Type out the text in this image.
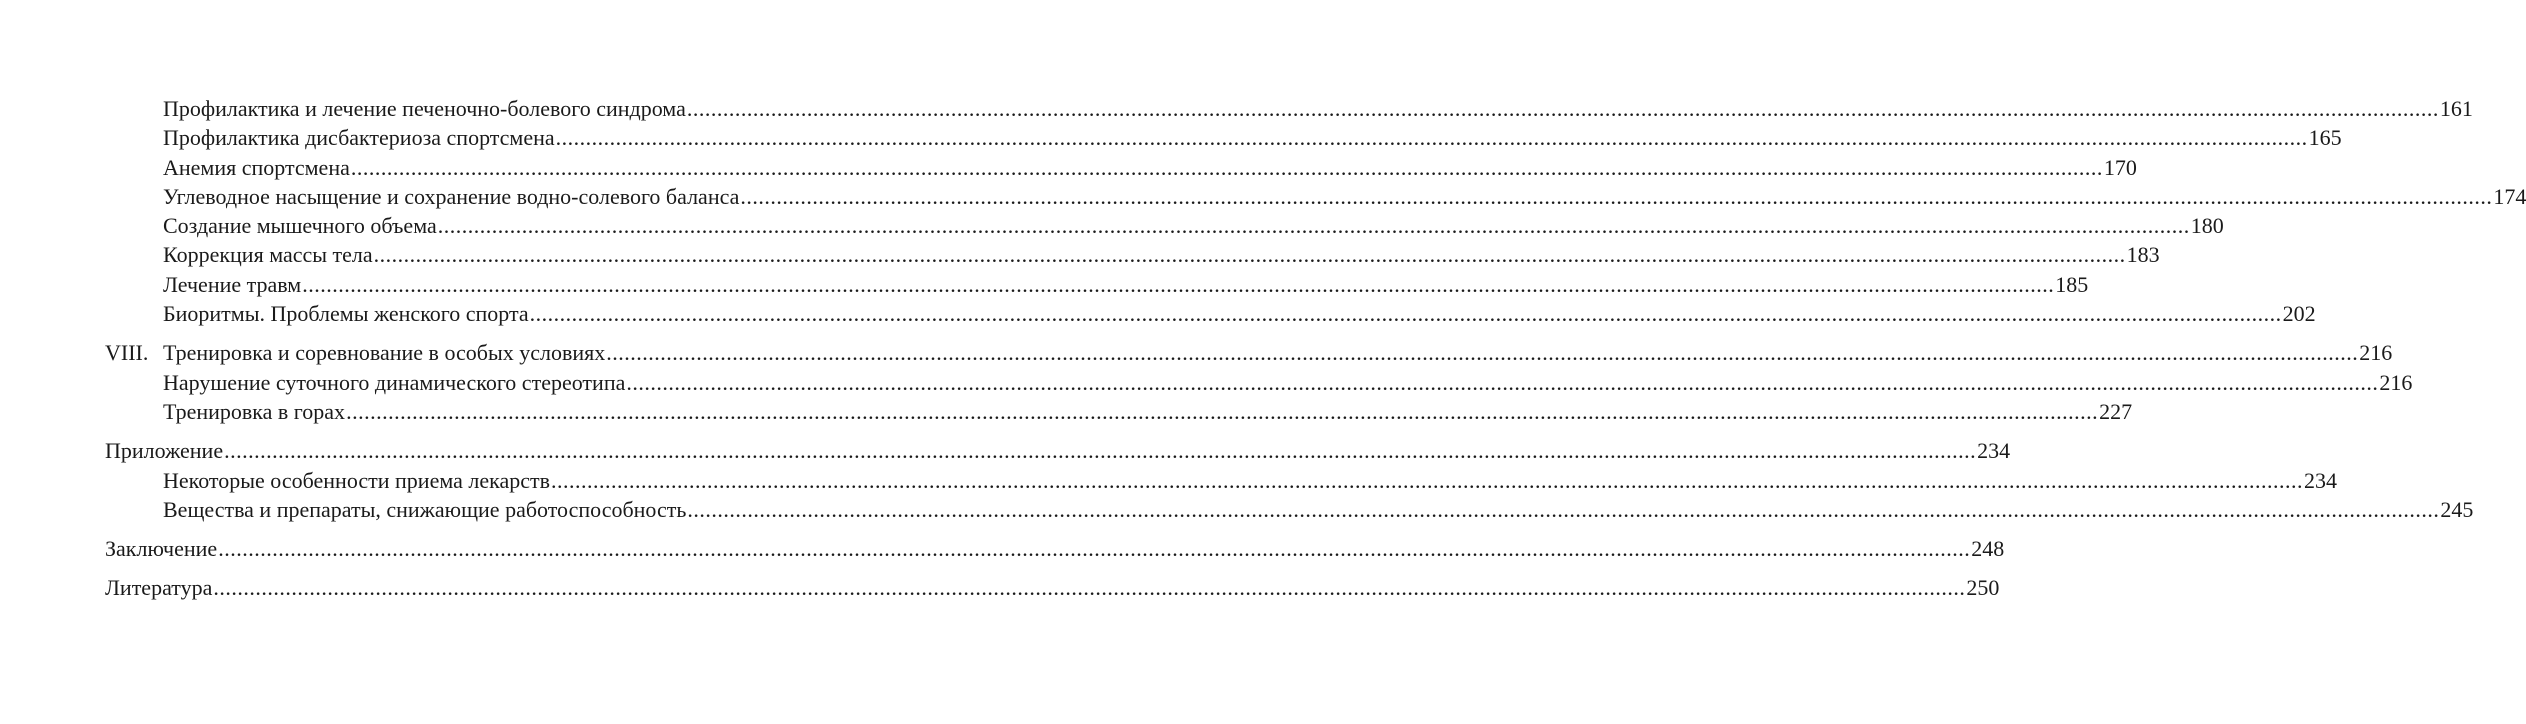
Профилактика и лечение печеночно-болевого синдрома .....	161
Профилактика дисбактериоза спортсмена .....	165
Анемия спортсмена .....	170
Углеводное насыщение и сохранение водно-солевого баланса .....	174
Создание мышечного объема .....	180
Коррекция массы тела .....	183
Лечение травм .....	185
Биоритмы. Проблемы женского спорта .....	202
VIII. Тренировка и соревнование в особых условиях .....	216
Нарушение суточного динамического стереотипа .....	216
Тренировка в горах .....	227
Приложение .....	234
Некоторые особенности приема лекарств .....	234
Вещества и препараты, снижающие работоспособность .....	245
Заключение .....	248
Литература .....	250
